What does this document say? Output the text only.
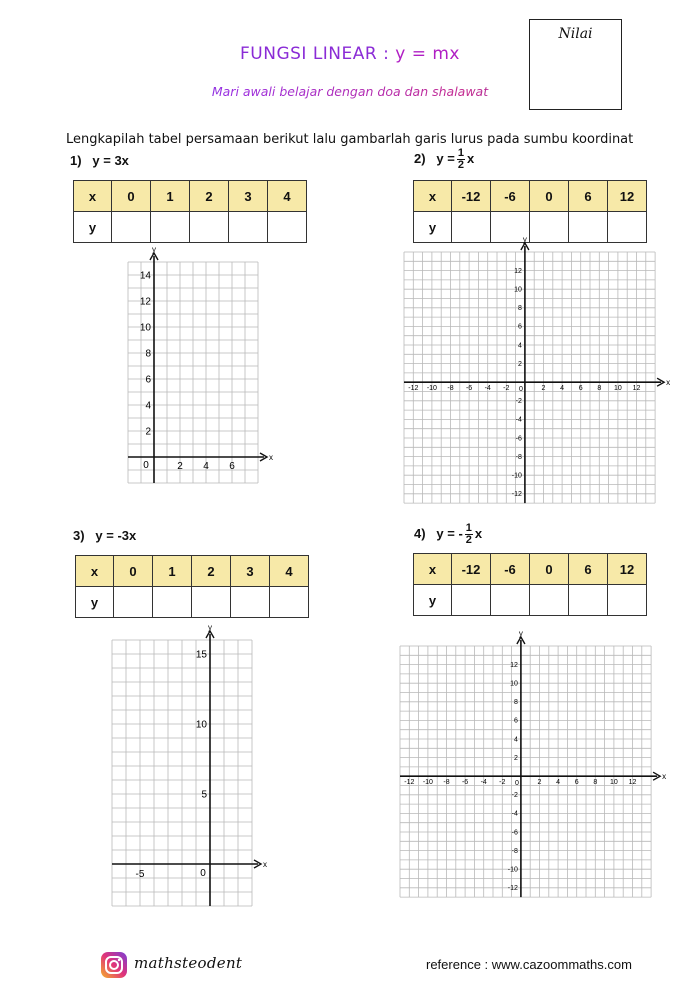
Nilai
FUNGSI LINEAR : y = mx
Mari awali belajar dengan doa dan shalawat
Lengkapilah tabel persamaan berikut lalu gambarlah garis lurus pada sumbu koordinat
1) y = 3x
x	0	1	2	3	4
y					
2) $y = \frac{1}{2}$ x
x	-12	-6	0	6	12
y					
3) y = -3x
x	0	1	2	3	4
y					
4) y = - $\frac{1}{2}$ x
x	-12	-6	0	6	12
y					
x
y
0	2 4 6
14
12
10
8
6
4
2
x
y
0
-12 -10 -8 -6 -4 -2	2 4 6 8 10 12
12
10
8
6
4
2
-2
-4
-6
-8
-10
-12
x
y
0
-5
15
10
5
x
y
0
-12 -10 -8 -6 -4 -2	2 4 6 8 10 12
12
10
8
6
4
2
-2
-4
-6
-8
-10
-12
mathsteodent	reference : www.cazoommaths.com
